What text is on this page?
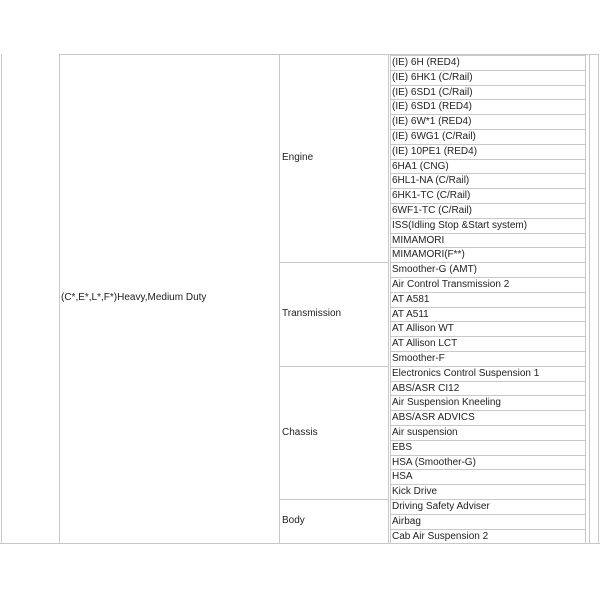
(C*,E*,L*,F*)Heavy,Medium Duty
Engine
Transmission
Chassis
Body
(IE) 6H (RED4)
(IE) 6HK1 (C/Rail)
(IE) 6SD1 (C/Rail)
(IE) 6SD1 (RED4)
(IE) 6W*1 (RED4)
(IE) 6WG1 (C/Rail)
(IE) 10PE1 (RED4)
6HA1 (CNG)
6HL1-NA (C/Rail)
6HK1-TC (C/Rail)
6WF1-TC (C/Rail)
ISS(Idling Stop &Start system)
MIMAMORI
MIMAMORI(F**)
Smoother-G (AMT)
Air Control Transmission 2
AT A581
AT A511
AT Allison WT
AT Allison LCT
Smoother-F
Electronics Control Suspension 1
ABS/ASR CI12
Air Suspension Kneeling
ABS/ASR ADVICS
Air suspension
EBS
HSA (Smoother-G)
HSA
Kick Drive
Driving Safety Adviser
Airbag
Cab Air Suspension 2
